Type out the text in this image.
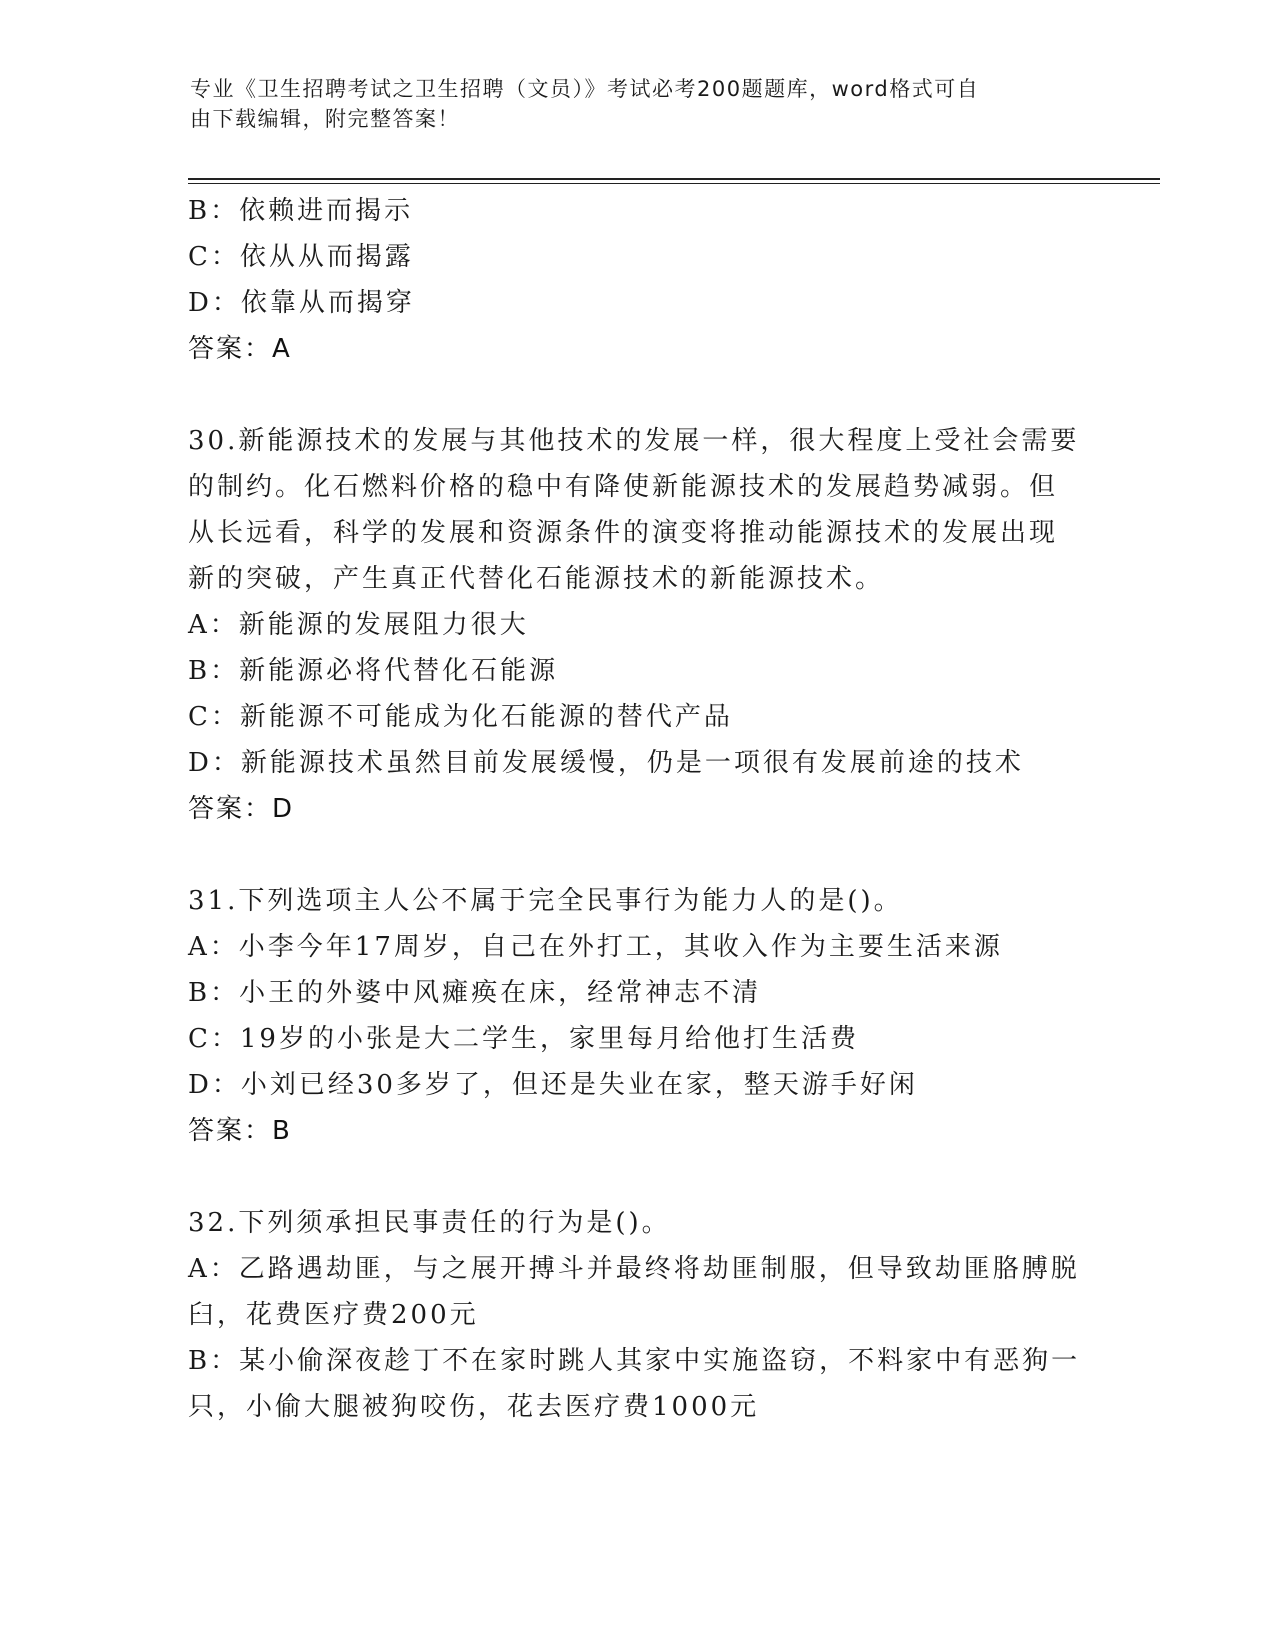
专业《卫生招聘考试之卫生招聘（文员）》考试必考200题题库，word格式可自
由下载编辑，附完整答案！
B：依赖进而揭示
C：依从从而揭露
D：依靠从而揭穿
答案：A
30.新能源技术的发展与其他技术的发展一样，很大程度上受社会需要
的制约。化石燃料价格的稳中有降使新能源技术的发展趋势减弱。但
从长远看，科学的发展和资源条件的演变将推动能源技术的发展出现
新的突破，产生真正代替化石能源技术的新能源技术。
A：新能源的发展阻力很大
B：新能源必将代替化石能源
C：新能源不可能成为化石能源的替代产品
D：新能源技术虽然目前发展缓慢，仍是一项很有发展前途的技术
答案：D
31.下列选项主人公不属于完全民事行为能力人的是()。
A：小李今年17周岁，自己在外打工，其收入作为主要生活来源
B：小王的外婆中风瘫痪在床，经常神志不清
C：19岁的小张是大二学生，家里每月给他打生活费
D：小刘已经30多岁了，但还是失业在家，整天游手好闲
答案：B
32.下列须承担民事责任的行为是()。
A：乙路遇劫匪，与之展开搏斗并最终将劫匪制服，但导致劫匪胳膊脱
臼，花费医疗费200元
B：某小偷深夜趁丁不在家时跳人其家中实施盗窃，不料家中有恶狗一
只，小偷大腿被狗咬伤，花去医疗费1000元
